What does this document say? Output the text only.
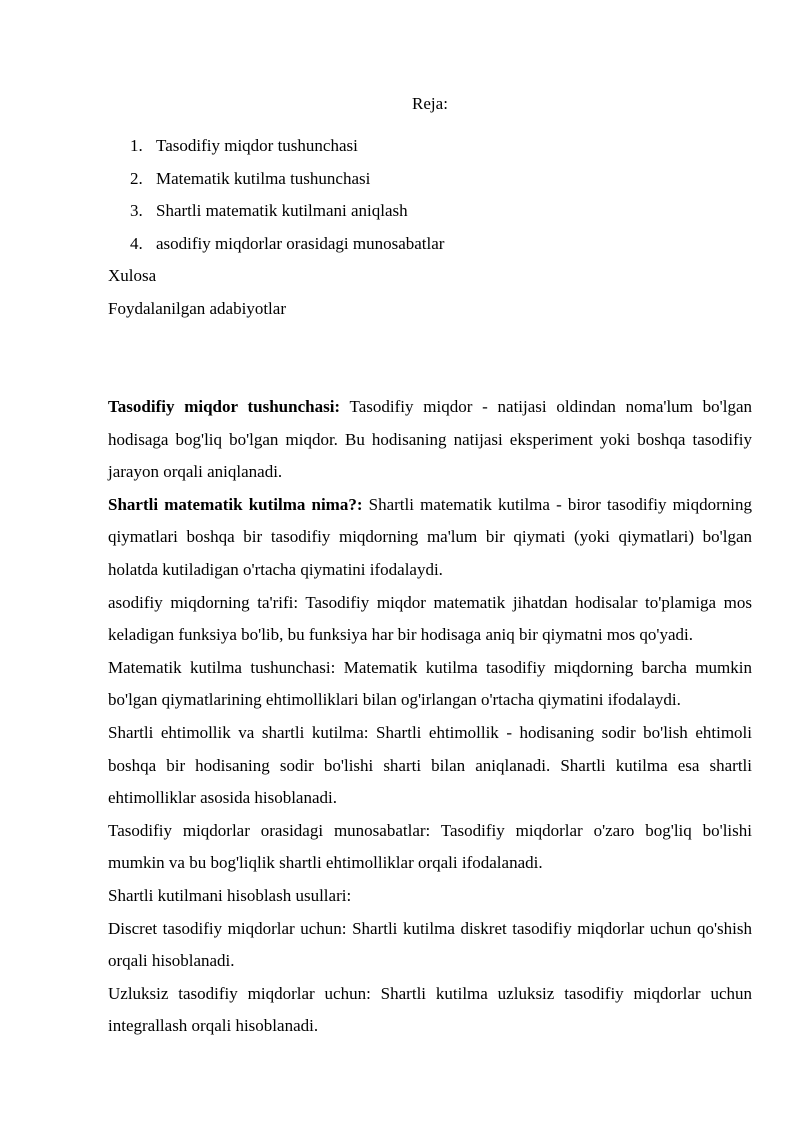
Reja:
1. Tasodifiy miqdor tushunchasi
2. Matematik kutilma tushunchasi
3. Shartli matematik kutilmani aniqlash
4. asodifiy miqdorlar orasidagi munosabatlar
Xulosa
Foydalanilgan adabiyotlar

Tasodifiy miqdor tushunchasi: Tasodifiy miqdor - natijasi oldindan noma'lum bo'lgan hodisaga bog'liq bo'lgan miqdor. Bu hodisaning natijasi eksperiment yoki boshqa tasodifiy jarayon orqali aniqlanadi.

Shartli matematik kutilma nima?: Shartli matematik kutilma - biror tasodifiy miqdorning qiymatlari boshqa bir tasodifiy miqdorning ma'lum bir qiymati (yoki qiymatlari) bo'lgan holatda kutiladigan o'rtacha qiymatini ifodalaydi.

asodifiy miqdorning ta'rifi: Tasodifiy miqdor matematik jihatdan hodisalar to'plamiga mos keladigan funksiya bo'lib, bu funksiya har bir hodisaga aniq bir qiymatni mos qo'yadi.

Matematik kutilma tushunchasi: Matematik kutilma tasodifiy miqdorning barcha mumkin bo'lgan qiymatlarining ehtimolliklari bilan og'irlangan o'rtacha qiymatini ifodalaydi.

Shartli ehtimollik va shartli kutilma: Shartli ehtimollik - hodisaning sodir bo'lish ehtimoli boshqa bir hodisaning sodir bo'lishi sharti bilan aniqlanadi. Shartli kutilma esa shartli ehtimolliklar asosida hisoblanadi.

Tasodifiy miqdorlar orasidagi munosabatlar: Tasodifiy miqdorlar o'zaro bog'liq bo'lishi mumkin va bu bog'liqlik shartli ehtimolliklar orqali ifodalanadi.

Shartli kutilmani hisoblash usullari:

Discret tasodifiy miqdorlar uchun: Shartli kutilma diskret tasodifiy miqdorlar uchun qo'shish orqali hisoblanadi.

Uzluksiz tasodifiy miqdorlar uchun: Shartli kutilma uzluksiz tasodifiy miqdorlar uchun integrallash orqali hisoblanadi.
